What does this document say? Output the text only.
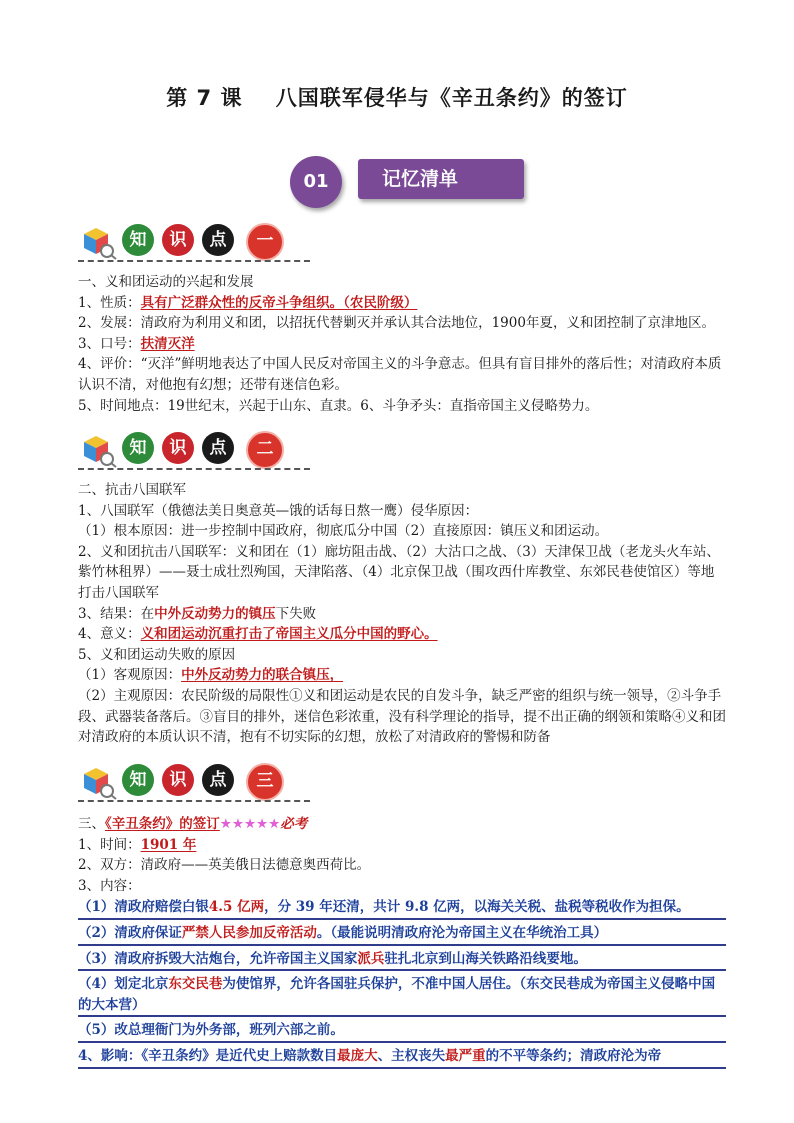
第 7 课    八国联军侵华与《辛丑条约》的签订
01	记忆清单
知	识	点	一

一、义和团运动的兴起和发展

1、性质：具有广泛群众性的反帝斗争组织。（农民阶级）

2、发展：清政府为利用义和团，以招抚代替剿灭并承认其合法地位，1900年夏，义和团控制了京津地区。3、口号：扶清灭洋

4、评价：“灭洋”鲜明地表达了中国人民反对帝国主义的斗争意志。但具有盲目排外的落后性；对清政府本质认识不清，对他抱有幻想；还带有迷信色彩。

5、时间地点：19世纪末，兴起于山东、直隶。6、斗争矛头：直指帝国主义侵略势力。

知	识	点	二

二、抗击八国联军

1、八国联军（俄德法美日奥意英—饿的话每日熬一鹰）侵华原因：

（1）根本原因：进一步控制中国政府，彻底瓜分中国（2）直接原因：镇压义和团运动。

2、义和团抗击八国联军：义和团在（1）廊坊阻击战、（2）大沽口之战、（3）天津保卫战（老龙头火车站、紫竹林租界）——聂士成壮烈殉国，天津陷落、（4）北京保卫战（围攻西什库教堂、东郊民巷使馆区）等地打击八国联军

3、结果：在中外反动势力的镇压下失败

4、意义：义和团运动沉重打击了帝国主义瓜分中国的野心。

5、义和团运动失败的原因

（1）客观原因：中外反动势力的联合镇压，

（2）主观原因：农民阶级的局限性①义和团运动是农民的自发斗争，缺乏严密的组织与统一领导，②斗争手段、武器装备落后。③盲目的排外，迷信色彩浓重，没有科学理论的指导，提不出正确的纲领和策略④义和团对清政府的本质认识不清，抱有不切实际的幻想，放松了对清政府的警惕和防备

知	识	点	三

三、《辛丑条约》的签订★★★★★必考

1、时间：1901 年

2、双方：清政府——英美俄日法德意奥西荷比。

3、内容：

（1）清政府赔偿白银4.5 亿两，分 39 年还清，共计 9.8 亿两，以海关关税、盐税等税收作为担保。
（2）清政府保证严禁人民参加反帝活动。（最能说明清政府沦为帝国主义在华统治工具）
（3）清政府拆毁大沽炮台，允许帝国主义国家派兵驻扎北京到山海关铁路沿线要地。
（4）划定北京东交民巷为使馆界，允许各国驻兵保护，不准中国人居住。（东交民巷成为帝国主义侵略中国的大本营）
（5）改总理衙门为外务部，班列六部之前。
4、影响：《辛丑条约》是近代史上赔款数目最庞大、主权丧失最严重的不平等条约；清政府沦为帝
